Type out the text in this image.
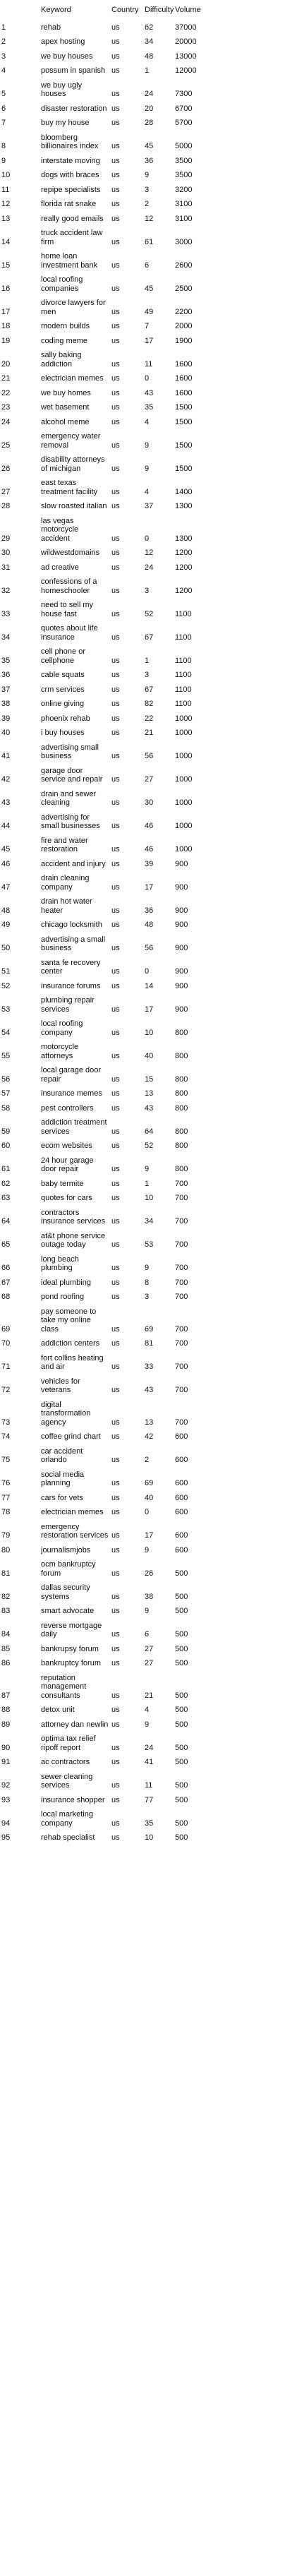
	Keyword	Country	Difficulty	Volume
1	rehab	us	62	37000
2	apex hosting	us	34	20000
3	we buy houses	us	48	13000
4	possum in spanish	us	1	12000
5	we buy ugly houses	us	24	7300
6	disaster restoration	us	20	6700
7	buy my house	us	28	5700
8	bloomberg billionaires index	us	45	5000
9	interstate moving	us	36	3500
10	dogs with braces	us	9	3500
11	repipe specialists	us	3	3200
12	florida rat snake	us	2	3100
13	really good emails	us	12	3100
14	truck accident law firm	us	61	3000
15	home loan investment bank	us	6	2600
16	local roofing companies	us	45	2500
17	divorce lawyers for men	us	49	2200
18	modern builds	us	7	2000
19	coding meme	us	17	1900
20	sally baking addiction	us	11	1600
21	electrician memes	us	0	1600
22	we buy homes	us	43	1600
23	wet basement	us	35	1500
24	alcohol meme	us	4	1500
25	emergency water removal	us	9	1500
26	disability attorneys of michigan	us	9	1500
27	east texas treatment facility	us	4	1400
28	slow roasted italian	us	37	1300
29	las vegas motorcycle accident	us	0	1300
30	wildwestdomains	us	12	1200
31	ad creative	us	24	1200
32	confessions of a homeschooler	us	3	1200
33	need to sell my house fast	us	52	1100
34	quotes about life insurance	us	67	1100
35	cell phone or cellphone	us	1	1100
36	cable squats	us	3	1100
37	crm services	us	67	1100
38	online giving	us	82	1100
39	phoenix rehab	us	22	1000
40	i buy houses	us	21	1000
41	advertising small business	us	56	1000
42	garage door service and repair	us	27	1000
43	drain and sewer cleaning	us	30	1000
44	advertising for small businesses	us	46	1000
45	fire and water restoration	us	46	1000
46	accident and injury	us	39	900
47	drain cleaning company	us	17	900
48	drain hot water heater	us	36	900
49	chicago locksmith	us	48	900
50	advertising a small business	us	56	900
51	santa fe recovery center	us	0	900
52	insurance forums	us	14	900
53	plumbing repair services	us	17	900
54	local roofing company	us	10	800
55	motorcycle attorneys	us	40	800
56	local garage door repair	us	15	800
57	insurance memes	us	13	800
58	pest controllers	us	43	800
59	addiction treatment services	us	64	800
60	ecom websites	us	52	800
61	24 hour garage door repair	us	9	800
62	baby termite	us	1	700
63	quotes for cars	us	10	700
64	contractors insurance services	us	34	700
65	at&t phone service outage today	us	53	700
66	long beach plumbing	us	9	700
67	ideal plumbing	us	8	700
68	pond roofing	us	3	700
69	pay someone to take my online class	us	69	700
70	addiction centers	us	81	700
71	fort collins heating and air	us	33	700
72	vehicles for veterans	us	43	700
73	digital transformation agency	us	13	700
74	coffee grind chart	us	42	600
75	car accident orlando	us	2	600
76	social media planning	us	69	600
77	cars for vets	us	40	600
78	electrician memes	us	0	600
79	emergency restoration services	us	17	600
80	journalismjobs	us	9	600
81	ocm bankruptcy forum	us	26	500
82	dallas security systems	us	38	500
83	smart advocate	us	9	500
84	reverse mortgage daily	us	6	500
85	bankrupsy forum	us	27	500
86	bankruptcy forum	us	27	500
87	reputation management consultants	us	21	500
88	detox unit	us	4	500
89	attorney dan newlin	us	9	500
90	optima tax relief ripoff report	us	24	500
91	ac contractors	us	41	500
92	sewer cleaning services	us	11	500
93	insurance shopper	us	77	500
94	local marketing company	us	35	500
95	rehab specialist	us	10	500
